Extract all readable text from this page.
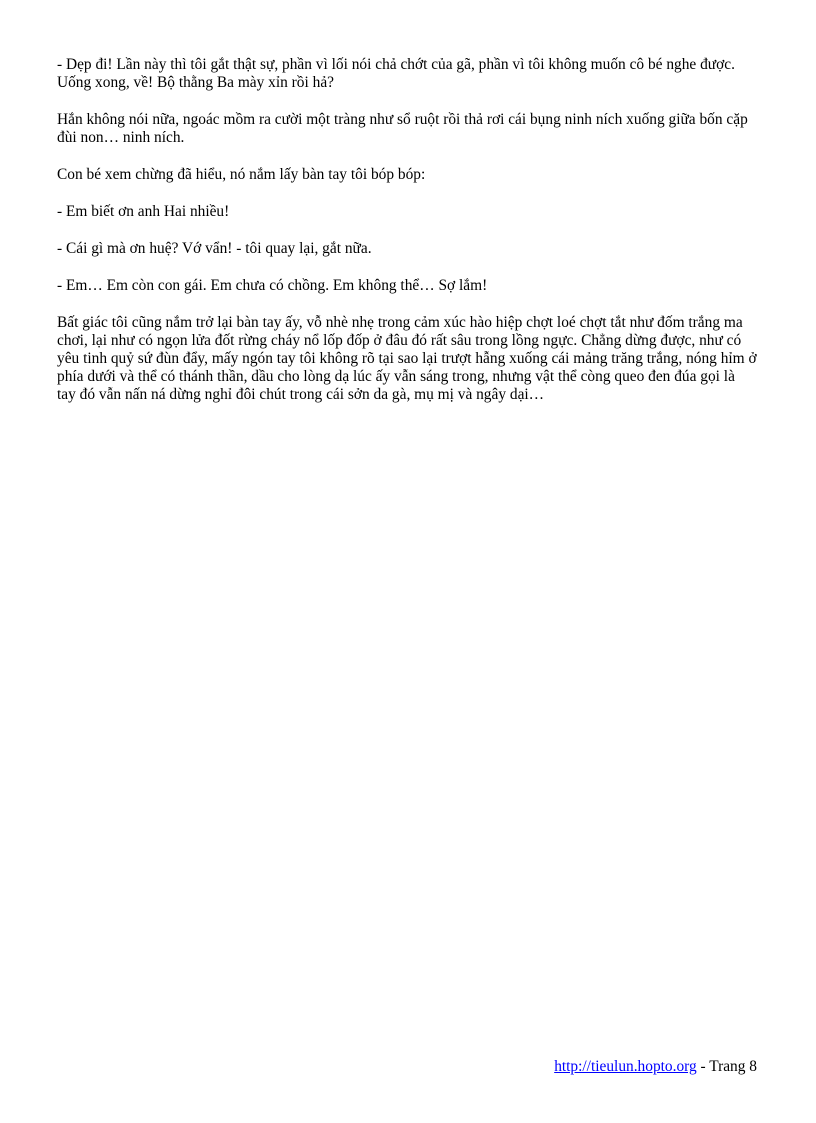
- Dẹp đi! Lần này thì tôi gắt thật sự, phần vì lối nói chả chớt của gã, phần vì tôi không muốn cô bé nghe được. Uống xong, về! Bộ thằng Ba mày xỉn rồi hả?

Hắn không nói nữa, ngoác mồm ra cười một tràng như sổ ruột rồi thả rơi cái bụng ninh ních xuống giữa bốn cặp đùi non… ninh ních.

Con bé xem chừng đã hiểu, nó nắm lấy bàn tay tôi bóp bóp:

- Em biết ơn anh Hai nhiều!

- Cái gì mà ơn huệ? Vớ vẩn! - tôi quay lại, gắt nữa.

- Em… Em còn con gái. Em chưa có chồng. Em không thể… Sợ lắm!

Bất giác tôi cũng nắm trở lại bàn tay ấy, vỗ nhè nhẹ trong cảm xúc hào hiệp chợt loé chợt tắt như đốm trắng ma chơi, lại như có ngọn lửa đốt rừng cháy nổ lốp đốp ở đâu đó rất sâu trong lồng ngực. Chẳng dừng được, như có yêu tinh quỷ sứ đùn đẩy, mấy ngón tay tôi không rõ tại sao lại trượt hẫng xuống cái mảng trăng trắng, nóng hỉm ở phía dưới và thể có thánh thần, dầu cho lòng dạ lúc ấy vẫn sáng trong, nhưng vật thể còng queo đen đúa gọi là tay đó vẫn nấn ná dừng nghỉ đôi chút trong cái sởn da gà, mụ mị và ngây dại…

http://tieulun.hopto.org - Trang 8
